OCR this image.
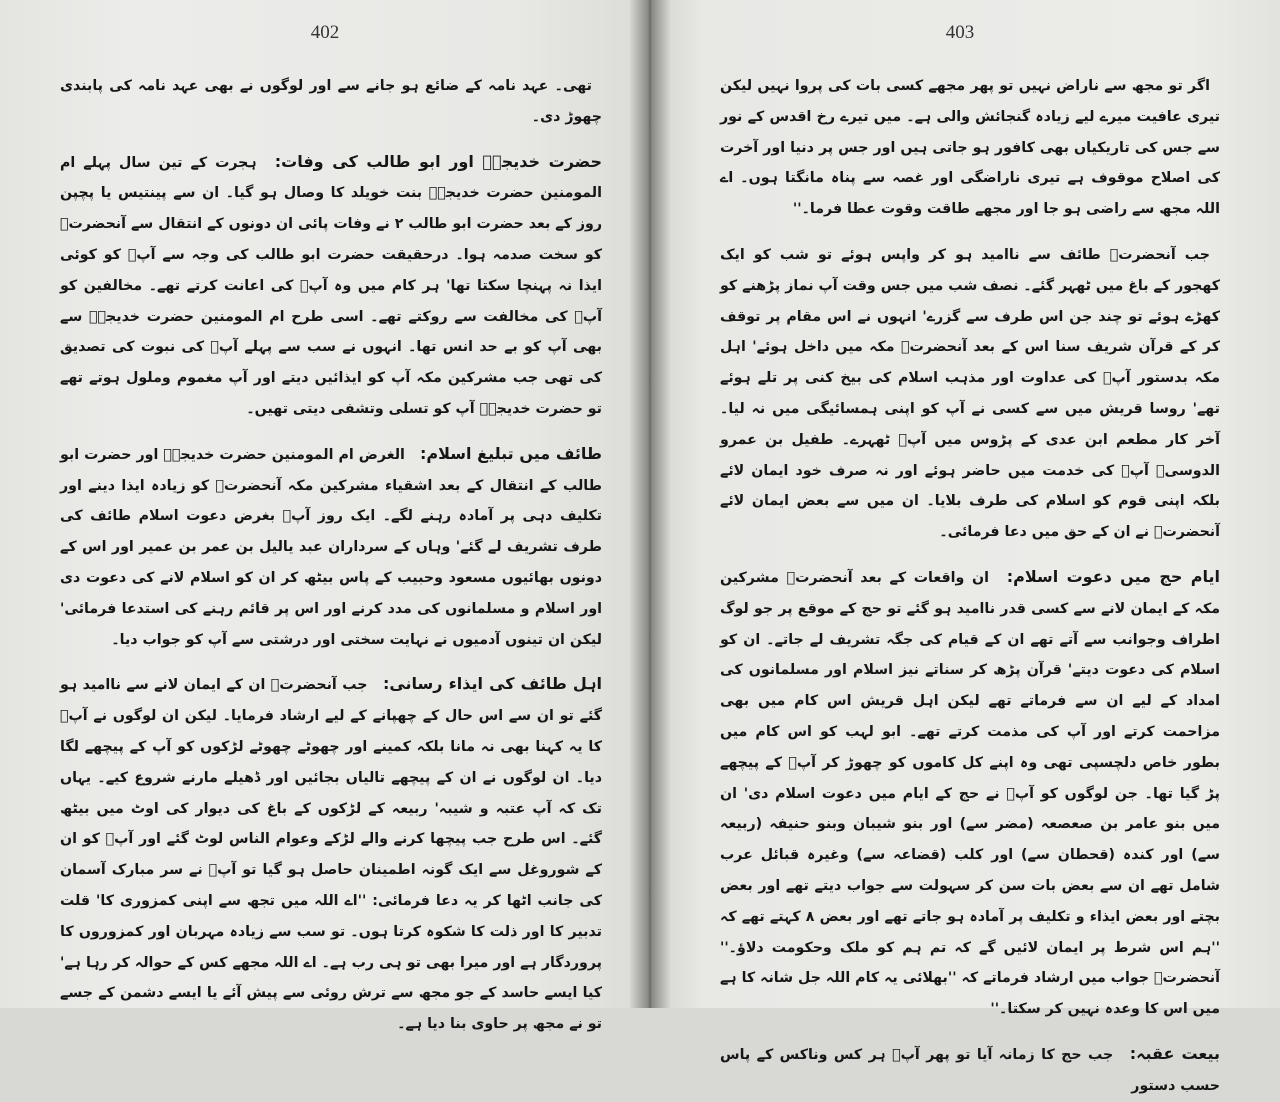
402

تھی۔ عہد نامہ کے ضائع ہو جانے سے اور لوگوں نے بھی عہد نامہ کی پابندی چھوڑ دی۔

حضرت خدیجہؓ اور ابو طالب کی وفات: ہجرت کے تین سال پہلے ام المومنین حضرت خدیجہؓ بنت خویلد کا وصال ہو گیا۔ ان سے پینتیس یا پچپن روز کے بعد حضرت ابو طالب ۲ نے وفات پائی ان دونوں کے انتقال سے آنحضرتؐ کو سخت صدمہ ہوا۔ درحقیقت حضرت ابو طالب کی وجہ سے آپؐ کو کوئی ایذا نہ پہنچا سکتا تھا' ہر کام میں وہ آپؐ کی اعانت کرتے تھے۔ مخالفین کو آپؐ کی مخالفت سے روکتے تھے۔ اسی طرح ام المومنین حضرت خدیجہؓ سے بھی آپ کو بے حد انس تھا۔ انہوں نے سب سے پہلے آپؐ کی نبوت کی تصدیق کی تھی جب مشرکین مکہ آپ کو ایذائیں دیتے اور آپ مغموم وملول ہوتے تھے تو حضرت خدیجہؓ آپ کو تسلی وتشفی دیتی تھیں۔

طائف میں تبلیغ اسلام: الغرض ام المومنین حضرت خدیجہؓ اور حضرت ابو طالب کے انتقال کے بعد اشقیاء مشرکین مکہ آنحضرتؐ کو زیادہ ایذا دینے اور تکلیف دہی پر آمادہ رہنے لگے۔ ایک روز آپؐ بغرض دعوت اسلام طائف کی طرف تشریف لے گئے' وہاں کے سرداران عبد یالیل بن عمر بن عمیر اور اس کے دونوں بھائیوں مسعود وحبیب کے پاس بیٹھ کر ان کو اسلام لانے کی دعوت دی اور اسلام و مسلمانوں کی مدد کرنے اور اس پر قائم رہنے کی استدعا فرمائی' لیکن ان تینوں آدمیوں نے نہایت سختی اور درشتی سے آپ کو جواب دیا۔

اہل طائف کی ایذاء رسانی: جب آنحضرتؐ ان کے ایمان لانے سے ناامید ہو گئے تو ان سے اس حال کے چھپانے کے لیے ارشاد فرمایا۔ لیکن ان لوگوں نے آپؐ کا یہ کہنا بھی نہ مانا بلکہ کمینے اور چھوٹے چھوٹے لڑکوں کو آپ کے پیچھے لگا دیا۔ ان لوگوں نے ان کے پیچھے تالیاں بجائیں اور ڈھیلے مارنے شروع کیے۔ یہاں تک کہ آپ عتبہ و شیبہ' ربیعہ کے لڑکوں کے باغ کی دیوار کی اوٹ میں بیٹھ گئے۔ اس طرح جب پیچھا کرنے والے لڑکے وعوام الناس لوٹ گئے اور آپؐ کو ان کے شوروغل سے ایک گونہ اطمینان حاصل ہو گیا تو آپؐ نے سر مبارک آسمان کی جانب اٹھا کر یہ دعا فرمائی: ''اے اللہ میں تجھ سے اپنی کمزوری کا' قلت تدبیر کا اور ذلت کا شکوہ کرتا ہوں۔ تو سب سے زیادہ مہربان اور کمزوروں کا پروردگار ہے اور میرا بھی تو ہی رب ہے۔ اے اللہ مجھے کس کے حوالہ کر رہا ہے' کیا ایسے حاسد کے جو مجھ سے ترش روئی سے پیش آئے یا ایسے دشمن کے جسے تو نے مجھ پر حاوی بنا دیا ہے۔

403

اگر تو مجھ سے ناراض نہیں تو پھر مجھے کسی بات کی پروا نہیں لیکن تیری عافیت میرے لیے زیادہ گنجائش والی ہے۔ میں تیرے رخ اقدس کے نور سے جس کی تاریکیاں بھی کافور ہو جاتی ہیں اور جس پر دنیا اور آخرت کی اصلاح موقوف ہے تیری ناراضگی اور غصہ سے پناہ مانگتا ہوں۔ اے اللہ مجھ سے راضی ہو جا اور مجھے طاقت وقوت عطا فرما۔''

جب آنحضرتؐ طائف سے ناامید ہو کر واپس ہوئے تو شب کو ایک کھجور کے باغ میں ٹھہر گئے۔ نصف شب میں جس وقت آپ نماز پڑھنے کو کھڑے ہوئے تو چند جن اس طرف سے گزرے' انہوں نے اس مقام پر توقف کر کے قرآن شریف سنا اس کے بعد آنحضرتؐ مکہ میں داخل ہوئے' اہل مکہ بدستور آپؐ کی عداوت اور مذہب اسلام کی بیخ کنی پر تلے ہوئے تھے' روسا قریش میں سے کسی نے آپ کو اپنی ہمسائیگی میں نہ لیا۔ آخر کار مطعم ابن عدی کے پڑوس میں آپؐ ٹھہرے۔ طفیل بن عمرو الدوسیؓ آپؐ کی خدمت میں حاضر ہوئے اور نہ صرف خود ایمان لائے بلکہ اپنی قوم کو اسلام کی طرف بلایا۔ ان میں سے بعض ایمان لائے آنحضرتؐ نے ان کے حق میں دعا فرمائی۔

ایام حج میں دعوت اسلام: ان واقعات کے بعد آنحضرتؐ مشرکین مکہ کے ایمان لانے سے کسی قدر ناامید ہو گئے تو حج کے موقع پر جو لوگ اطراف وجوانب سے آتے تھے ان کے قیام کی جگہ تشریف لے جاتے۔ ان کو اسلام کی دعوت دیتے' قرآن پڑھ کر سناتے نیز اسلام اور مسلمانوں کی امداد کے لیے ان سے فرماتے تھے لیکن اہل قریش اس کام میں بھی مزاحمت کرتے اور آپ کی مذمت کرتے تھے۔ ابو لہب کو اس کام میں بطور خاص دلچسپی تھی وہ اپنے کل کاموں کو چھوڑ کر آپؐ کے پیچھے پڑ گیا تھا۔ جن لوگوں کو آپؐ نے حج کے ایام میں دعوت اسلام دی' ان میں بنو عامر بن صعصعہ (مضر سے) اور بنو شیبان وبنو حنیفہ (ربیعہ سے) اور کندہ (قحطان سے) اور کلب (قضاعہ سے) وغیرہ قبائل عرب شامل تھے ان سے بعض بات سن کر سہولت سے جواب دیتے تھے اور بعض بچتے اور بعض ایذاء و تکلیف پر آمادہ ہو جاتے تھے اور بعض ۸ کہتے تھے کہ ''ہم اس شرط پر ایمان لائیں گے کہ تم ہم کو ملک وحکومت دلاؤ۔'' آنحضرتؐ جواب میں ارشاد فرماتے کہ ''بھلائی یہ کام اللہ جل شانہ کا ہے میں اس کا وعدہ نہیں کر سکتا۔''

بیعت عقبہ: جب حج کا زمانہ آیا تو پھر آپؐ ہر کس وناکس کے پاس حسب دستور
